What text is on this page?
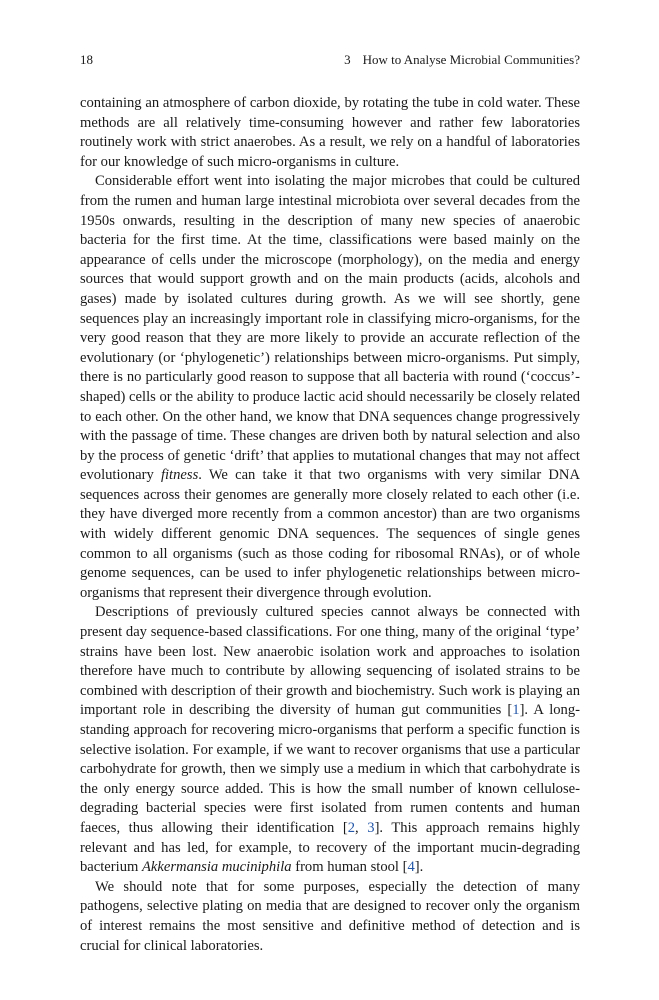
18	3 How to Analyse Microbial Communities?

containing an atmosphere of carbon dioxide, by rotating the tube in cold water. These methods are all relatively time-consuming however and rather few laboratories routinely work with strict anaerobes. As a result, we rely on a handful of laboratories for our knowledge of such micro-organisms in culture.

Considerable effort went into isolating the major microbes that could be cultured from the rumen and human large intestinal microbiota over several decades from the 1950s onwards, resulting in the description of many new species of anaerobic bacteria for the first time. At the time, classifications were based mainly on the appearance of cells under the microscope (morphology), on the media and energy sources that would support growth and on the main products (acids, alcohols and gases) made by isolated cultures during growth. As we will see shortly, gene sequences play an increasingly important role in classifying micro-organisms, for the very good reason that they are more likely to provide an accurate reflection of the evolutionary (or ‘phylogenetic’) relationships between micro-organisms. Put simply, there is no particularly good reason to suppose that all bacteria with round (‘coccus’-shaped) cells or the ability to produce lactic acid should necessarily be closely related to each other. On the other hand, we know that DNA sequences change progressively with the passage of time. These changes are driven both by natural selection and also by the process of genetic ‘drift’ that applies to mutational changes that may not affect evolutionary fitness. We can take it that two organisms with very similar DNA sequences across their genomes are generally more closely related to each other (i.e. they have diverged more recently from a common ancestor) than are two organisms with widely different genomic DNA sequences. The sequences of single genes common to all organisms (such as those coding for ribosomal RNAs), or of whole genome sequences, can be used to infer phylogenetic relationships between micro-organisms that represent their divergence through evolution.

Descriptions of previously cultured species cannot always be connected with present day sequence-based classifications. For one thing, many of the original ‘type’ strains have been lost. New anaerobic isolation work and approaches to isolation therefore have much to contribute by allowing sequencing of isolated strains to be combined with description of their growth and biochemistry. Such work is playing an important role in describing the diversity of human gut communities [1]. A long-standing approach for recovering micro-organisms that perform a specific function is selective isolation. For example, if we want to recover organisms that use a particular carbohydrate for growth, then we simply use a medium in which that carbohydrate is the only energy source added. This is how the small number of known cellulose-degrading bacterial species were first isolated from rumen contents and human faeces, thus allowing their identification [2, 3]. This approach remains highly relevant and has led, for example, to recovery of the important mucin-degrading bacterium Akkermansia muciniphila from human stool [4].

We should note that for some purposes, especially the detection of many pathogens, selective plating on media that are designed to recover only the organism of interest remains the most sensitive and definitive method of detection and is crucial for clinical laboratories.
